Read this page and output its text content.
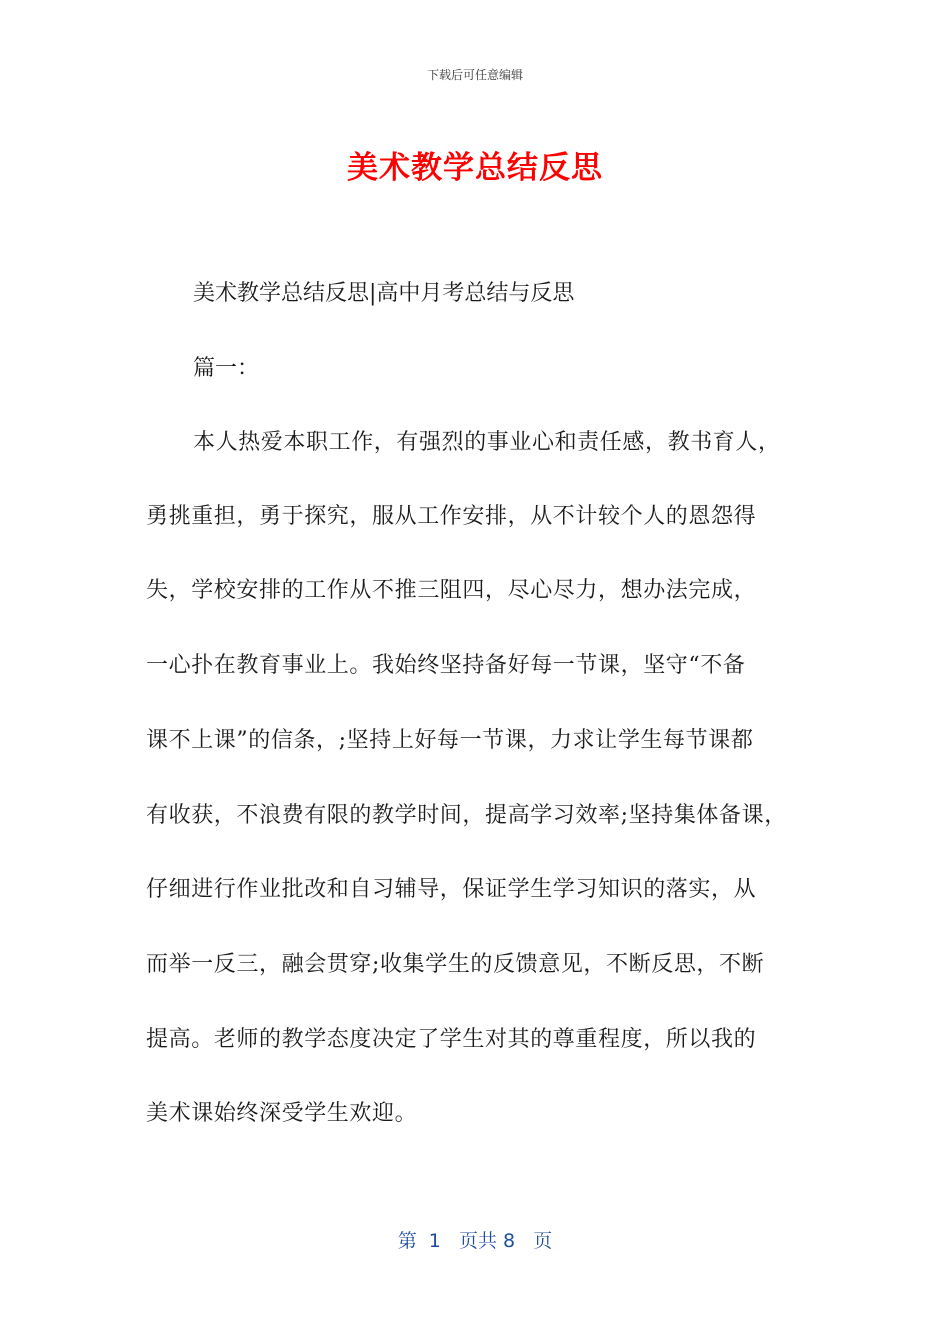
下载后可任意编辑
美术教学总结反思
美术教学总结反思|高中月考总结与反思
篇一：
本人热爱本职工作，有强烈的事业心和责任感，教书育人，
勇挑重担，勇于探究，服从工作安排，从不计较个人的恩怨得
失，学校安排的工作从不推三阻四，尽心尽力，想办法完成，
一心扑在教育事业上。我始终坚持备好每一节课，坚守“不备
课不上课”的信条，;坚持上好每一节课，力求让学生每节课都
有收获，不浪费有限的教学时间，提高学习效率;坚持集体备课，
仔细进行作业批改和自习辅导，保证学生学习知识的落实，从
而举一反三，融会贯穿;收集学生的反馈意见，不断反思，不断
提高。老师的教学态度决定了学生对其的尊重程度，所以我的
美术课始终深受学生欢迎。
第  1   页共 8   页
